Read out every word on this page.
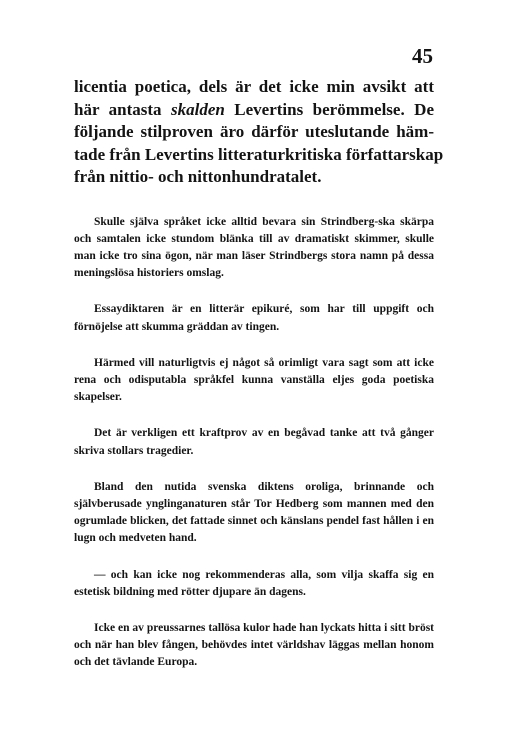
45

licentia poetica, dels är det icke min avsikt att
här antasta skalden Levertins berömmelse. De
följande stilproven äro därför uteslutande häm-
tade från Levertins litteraturkritiska författarskap
från nittio- och nittonhundratalet.

Skulle själva språket icke alltid bevara sin Strindberg-ska skärpa och samtalen icke stundom blänka till av dramatiskt skimmer, skulle man icke tro sina ögon, när man läser Strindbergs stora namn på dessa meningslösa historiers omslag.

Essaydiktaren är en litterär epikuré, som har till uppgift och förnöjelse att skumma gräddan av tingen.

Härmed vill naturligtvis ej något så orimligt vara sagt som att icke rena och odisputabla språkfel kunna vanställa eljes goda poetiska skapelser.

Det är verkligen ett kraftprov av en begåvad tanke att två gånger skriva stollars tragedier.

Bland den nutida svenska diktens oroliga, brinnande och självberusade ynglinganaturen står Tor Hedberg som mannen med den ogrumlade blicken, det fattade sinnet och känslans pendel fast hållen i en lugn och medveten hand.

— och kan icke nog rekommenderas alla, som vilja skaffa sig en estetisk bildning med rötter djupare än dagens.

Icke en av preussarnes tallösa kulor hade han lyckats hitta i sitt bröst och när han blev fången, behövdes intet världshav läggas mellan honom och det tävlande Europa.
